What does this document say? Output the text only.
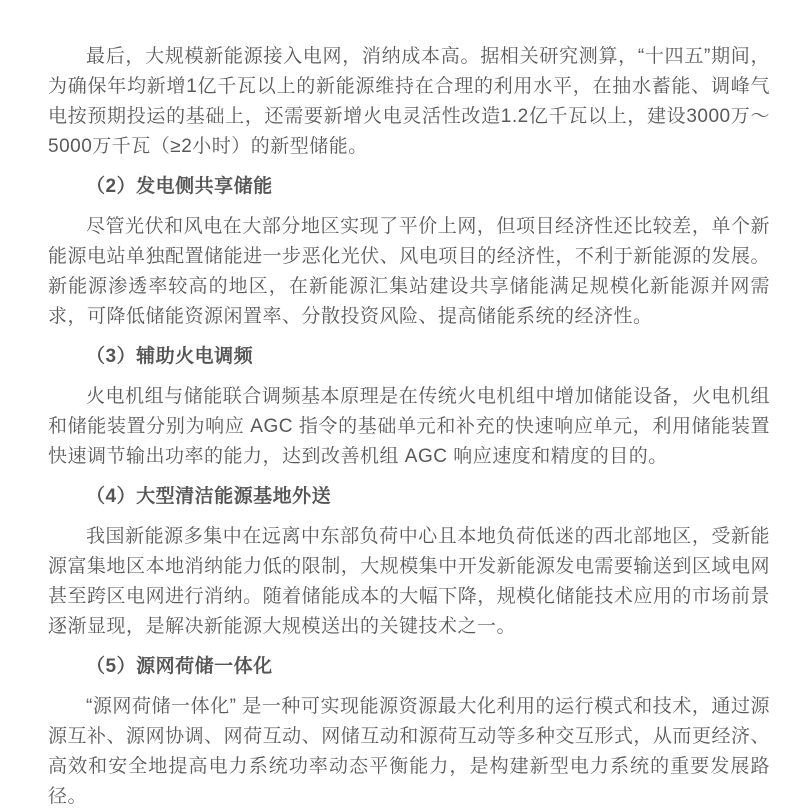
最后，大规模新能源接入电网，消纳成本高。据相关研究测算，“十四五”期间，为确保年均新增1亿千瓦以上的新能源维持在合理的利用水平，在抽水蓄能、调峰气电按预期投运的基础上，还需要新增火电灵活性改造1.2亿千瓦以上，建设3000万～5000万千瓦（≥2小时）的新型储能。

（2）发电侧共享储能

尽管光伏和风电在大部分地区实现了平价上网，但项目经济性还比较差，单个新能源电站单独配置储能进一步恶化光伏、风电项目的经济性，不利于新能源的发展。新能源渗透率较高的地区，在新能源汇集站建设共享储能满足规模化新能源并网需求，可降低储能资源闲置率、分散投资风险、提高储能系统的经济性。

（3）辅助火电调频

火电机组与储能联合调频基本原理是在传统火电机组中增加储能设备，火电机组和储能装置分别为响应 AGC 指令的基础单元和补充的快速响应单元，利用储能装置快速调节输出功率的能力，达到改善机组 AGC 响应速度和精度的目的。

（4）大型清洁能源基地外送

我国新能源多集中在远离中东部负荷中心且本地负荷低迷的西北部地区，受新能源富集地区本地消纳能力低的限制，大规模集中开发新能源发电需要输送到区域电网甚至跨区电网进行消纳。随着储能成本的大幅下降，规模化储能技术应用的市场前景逐渐显现，是解决新能源大规模送出的关键技术之一。

（5）源网荷储一体化

“源网荷储一体化” 是一种可实现能源资源最大化利用的运行模式和技术，通过源源互补、源网协调、网荷互动、网储互动和源荷互动等多种交互形式，从而更经济、高效和安全地提高电力系统功率动态平衡能力，是构建新型电力系统的重要发展路径。
